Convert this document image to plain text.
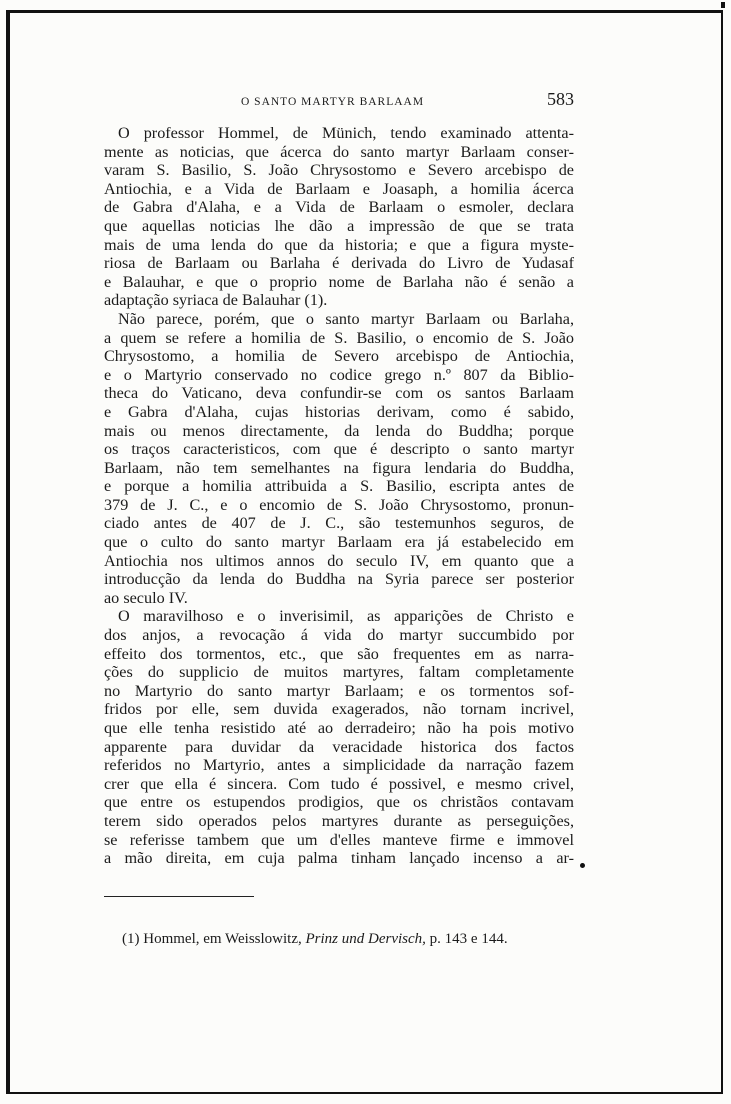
O SANTO MARTYR BARLAAM	583
O professor Hommel, de Münich, tendo examinado attenta-
mente as noticias, que ácerca do santo martyr Barlaam conser-
varam S. Basilio, S. João Chrysostomo e Severo arcebispo de
Antiochia, e a Vida de Barlaam e Joasaph, a homilia ácerca
de Gabra d'Alaha, e a Vida de Barlaam o esmoler, declara
que aquellas noticias lhe dão a impressão de que se trata
mais de uma lenda do que da historia; e que a figura myste-
riosa de Barlaam ou Barlaha é derivada do Livro de Yudasaf
e Balauhar, e que o proprio nome de Barlaha não é senão a
adaptação syriaca de Balauhar (1).
Não parece, porém, que o santo martyr Barlaam ou Barlaha,
a quem se refere a homilia de S. Basilio, o encomio de S. João
Chrysostomo, a homilia de Severo arcebispo de Antiochia,
e o Martyrio conservado no codice grego n.º 807 da Biblio-
theca do Vaticano, deva confundir-se com os santos Barlaam
e Gabra d'Alaha, cujas historias derivam, como é sabido,
mais ou menos directamente, da lenda do Buddha; porque
os traços caracteristicos, com que é descripto o santo martyr
Barlaam, não tem semelhantes na figura lendaria do Buddha,
e porque a homilia attribuida a S. Basilio, escripta antes de
379 de J. C., e o encomio de S. João Chrysostomo, pronun-
ciado antes de 407 de J. C., são testemunhos seguros, de
que o culto do santo martyr Barlaam era já estabelecido em
Antiochia nos ultimos annos do seculo IV, em quanto que a
introducção da lenda do Buddha na Syria parece ser posterior
ao seculo IV.
O maravilhoso e o inverisimil, as apparições de Christo e
dos anjos, a revocação á vida do martyr succumbido por
effeito dos tormentos, etc., que são frequentes em as narra-
ções do supplicio de muitos martyres, faltam completamente
no Martyrio do santo martyr Barlaam; e os tormentos sof-
fridos por elle, sem duvida exagerados, não tornam incrivel,
que elle tenha resistido até ao derradeiro; não ha pois motivo
apparente para duvidar da veracidade historica dos factos
referidos no Martyrio, antes a simplicidade da narração fazem
crer que ella é sincera. Com tudo é possivel, e mesmo crivel,
que entre os estupendos prodigios, que os christãos contavam
terem sido operados pelos martyres durante as perseguições,
se referisse tambem que um d'elles manteve firme e immovel
a mão direita, em cuja palma tinham lançado incenso a ar-
(1) Hommel, em Weisslowitz, Prinz und Dervisch, p. 143 e 144.
